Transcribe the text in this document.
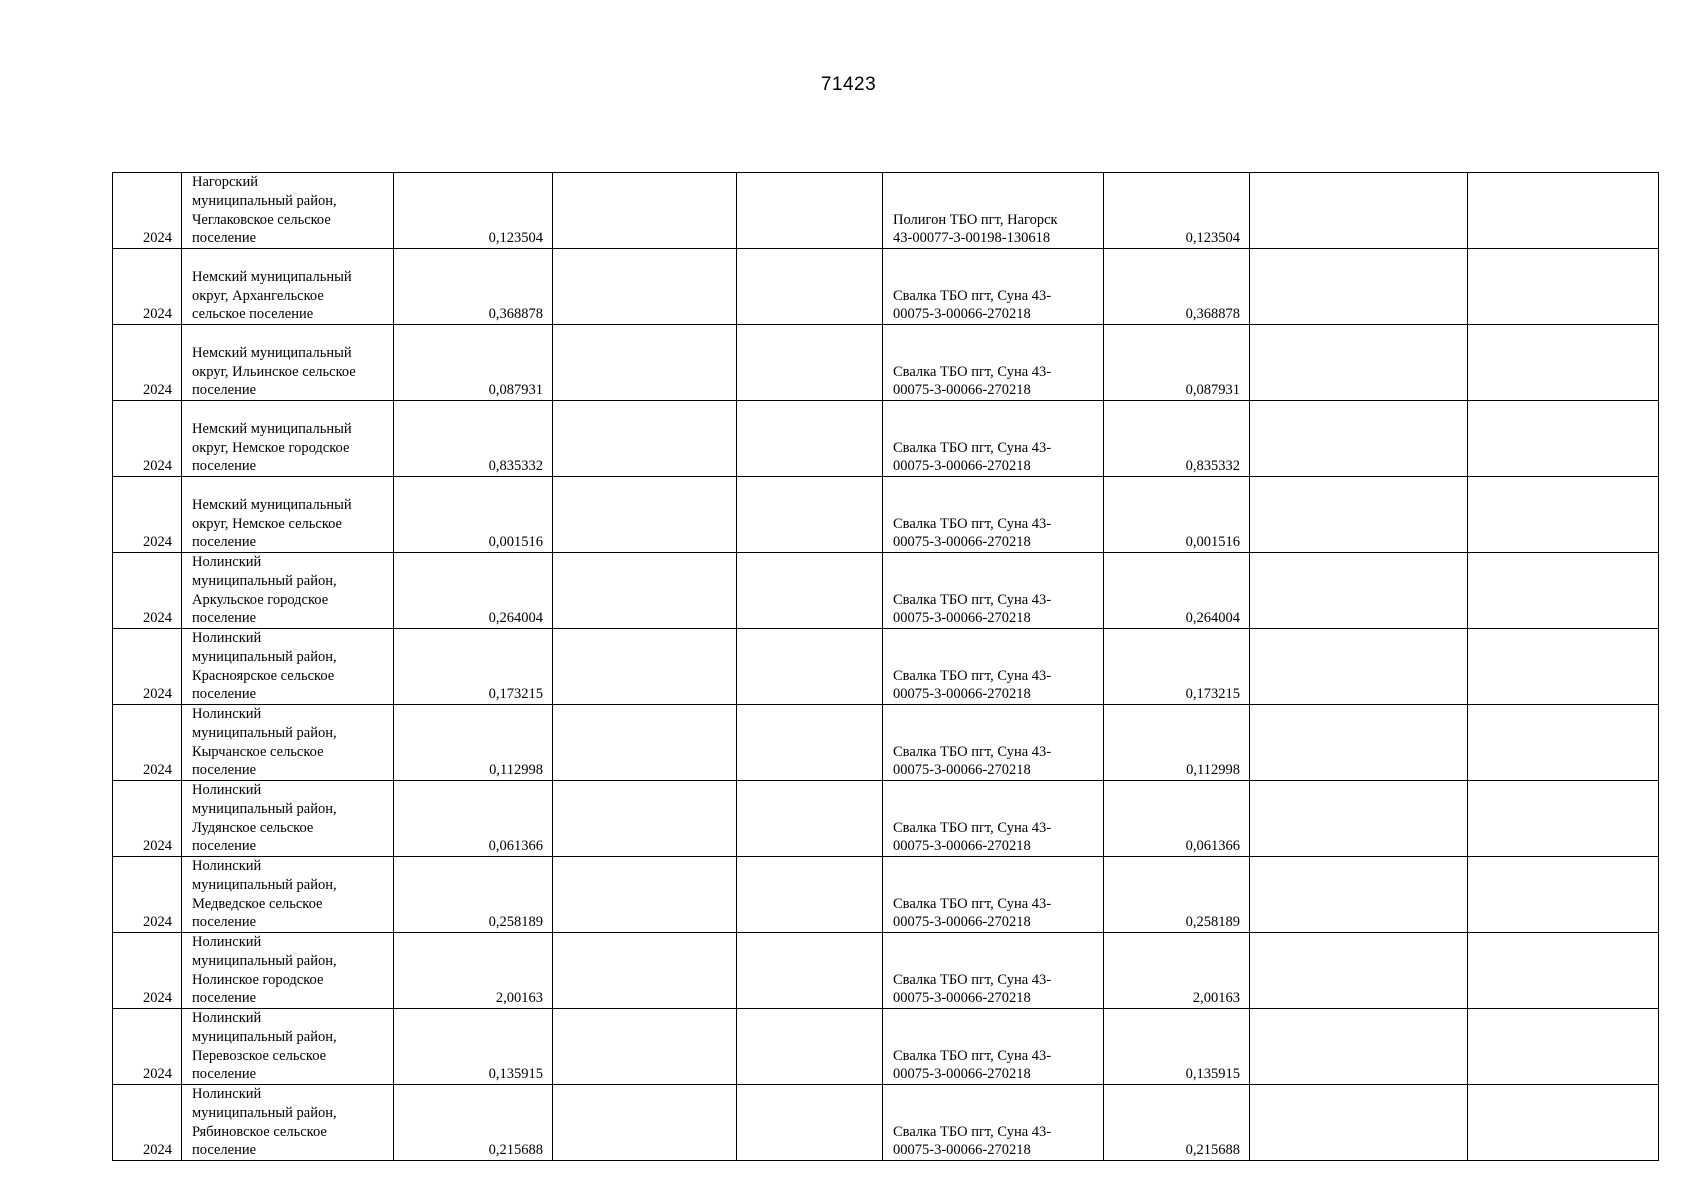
71423
2024	Нагорский
муниципальный район,
Чеглаковское сельское
поселение	0,123504			Полигон ТБО пгт, Нагорск
43-00077-3-00198-130618	0,123504		
2024	Немский муниципальный
округ, Архангельское
сельское поселение	0,368878			Свалка ТБО пгт, Суна 43-
00075-3-00066-270218	0,368878		
2024	Немский муниципальный
округ, Ильинское сельское
поселение	0,087931			Свалка ТБО пгт, Суна 43-
00075-3-00066-270218	0,087931		
2024	Немский муниципальный
округ, Немское городское
поселение	0,835332			Свалка ТБО пгт, Суна 43-
00075-3-00066-270218	0,835332		
2024	Немский муниципальный
округ, Немское сельское
поселение	0,001516			Свалка ТБО пгт, Суна 43-
00075-3-00066-270218	0,001516		
2024	Нолинский
муниципальный район,
Аркульское городское
поселение	0,264004			Свалка ТБО пгт, Суна 43-
00075-3-00066-270218	0,264004		
2024	Нолинский
муниципальный район,
Красноярское сельское
поселение	0,173215			Свалка ТБО пгт, Суна 43-
00075-3-00066-270218	0,173215		
2024	Нолинский
муниципальный район,
Кырчанское сельское
поселение	0,112998			Свалка ТБО пгт, Суна 43-
00075-3-00066-270218	0,112998		
2024	Нолинский
муниципальный район,
Лудянское сельское
поселение	0,061366			Свалка ТБО пгт, Суна 43-
00075-3-00066-270218	0,061366		
2024	Нолинский
муниципальный район,
Медведское сельское
поселение	0,258189			Свалка ТБО пгт, Суна 43-
00075-3-00066-270218	0,258189		
2024	Нолинский
муниципальный район,
Нолинское городское
поселение	2,00163			Свалка ТБО пгт, Суна 43-
00075-3-00066-270218	2,00163		
2024	Нолинский
муниципальный район,
Перевозское сельское
поселение	0,135915			Свалка ТБО пгт, Суна 43-
00075-3-00066-270218	0,135915		
2024	Нолинский
муниципальный район,
Рябиновское сельское
поселение	0,215688			Свалка ТБО пгт, Суна 43-
00075-3-00066-270218	0,215688		
